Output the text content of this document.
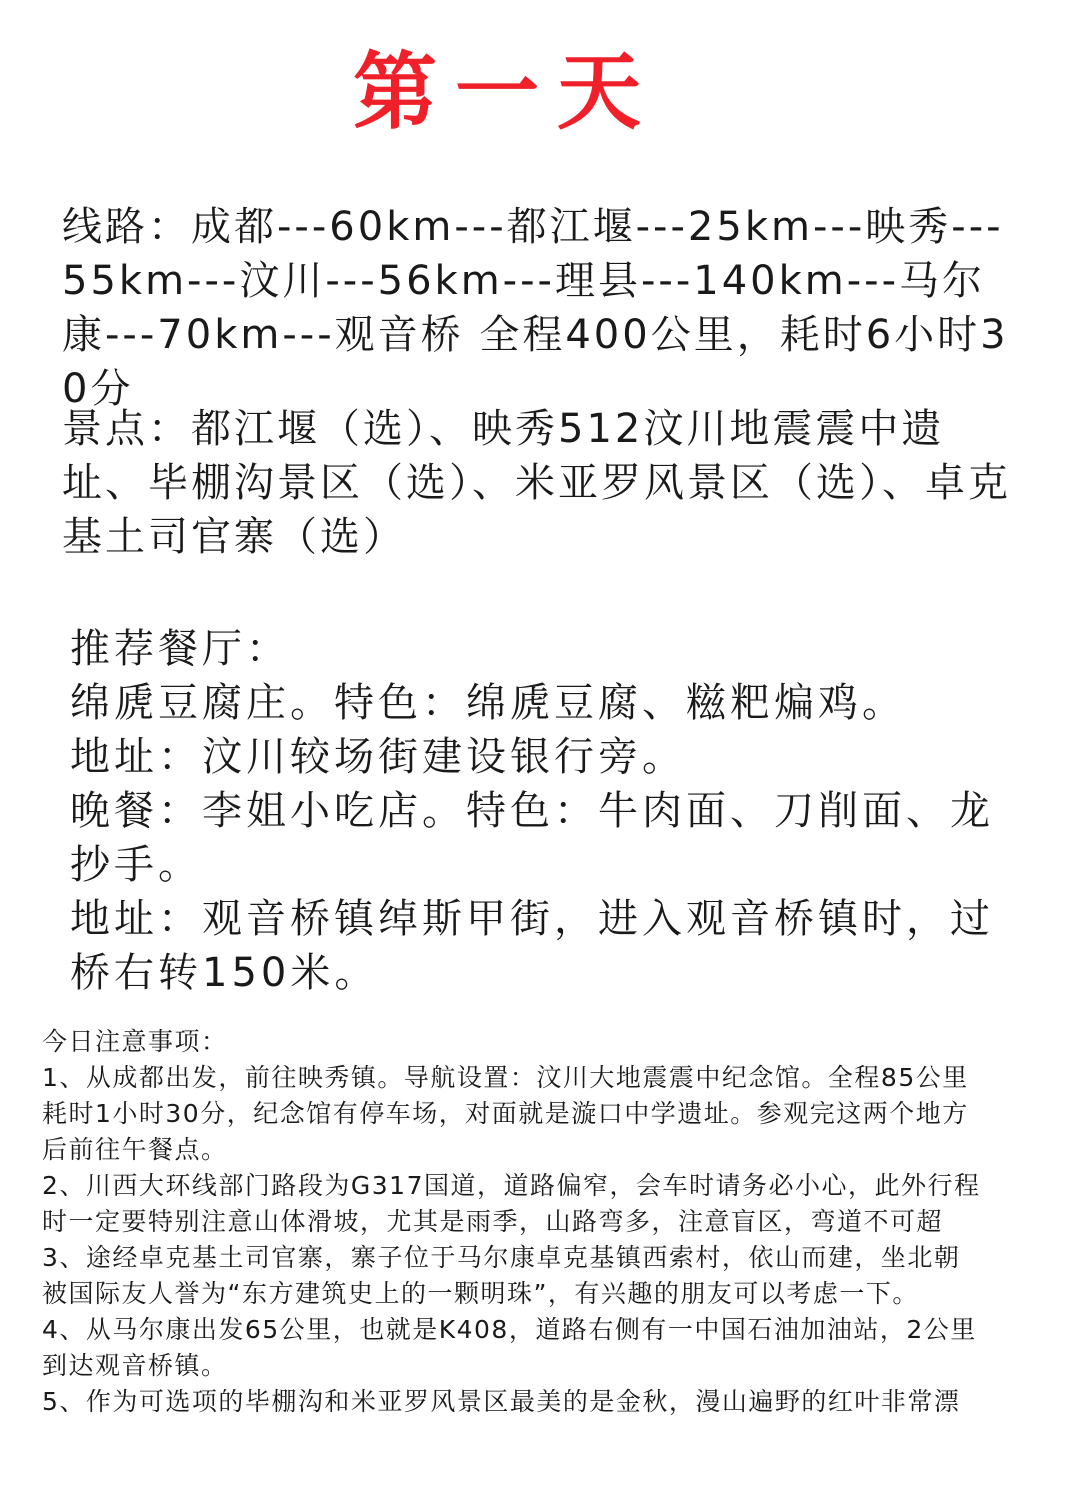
第一天
线路：成都---60km---都江堰---25km---映秀---55km---汶川---56km---理县---140km---马尔康---70km---观音桥 全程400公里，耗时6小时30分
景点：都江堰（选）、映秀512汶川地震震中遗址、毕棚沟景区（选）、米亚罗风景区（选）、卓克基土司官寨（选）
推荐餐厅：
绵虒豆腐庄。特色：绵虒豆腐、糍粑煸鸡。
地址：汶川较场街建设银行旁。
晚餐：李姐小吃店。特色：牛肉面、刀削面、龙
抄手。
地址：观音桥镇绰斯甲街，进入观音桥镇时，过
桥右转150米。
今日注意事项：
1、从成都出发，前往映秀镇。导航设置：汶川大地震震中纪念馆。全程85公里
耗时1小时30分，纪念馆有停车场，对面就是漩口中学遗址。参观完这两个地方
后前往午餐点。
2、川西大环线部门路段为G317国道，道路偏窄，会车时请务必小心，此外行程
时一定要特别注意山体滑坡，尤其是雨季，山路弯多，注意盲区，弯道不可超
3、途经卓克基土司官寨，寨子位于马尔康卓克基镇西索村，依山而建，坐北朝
被国际友人誉为“东方建筑史上的一颗明珠”，有兴趣的朋友可以考虑一下。
4、从马尔康出发65公里，也就是K408，道路右侧有一中国石油加油站，2公里
到达观音桥镇。
5、作为可选项的毕棚沟和米亚罗风景区最美的是金秋，漫山遍野的红叶非常漂
